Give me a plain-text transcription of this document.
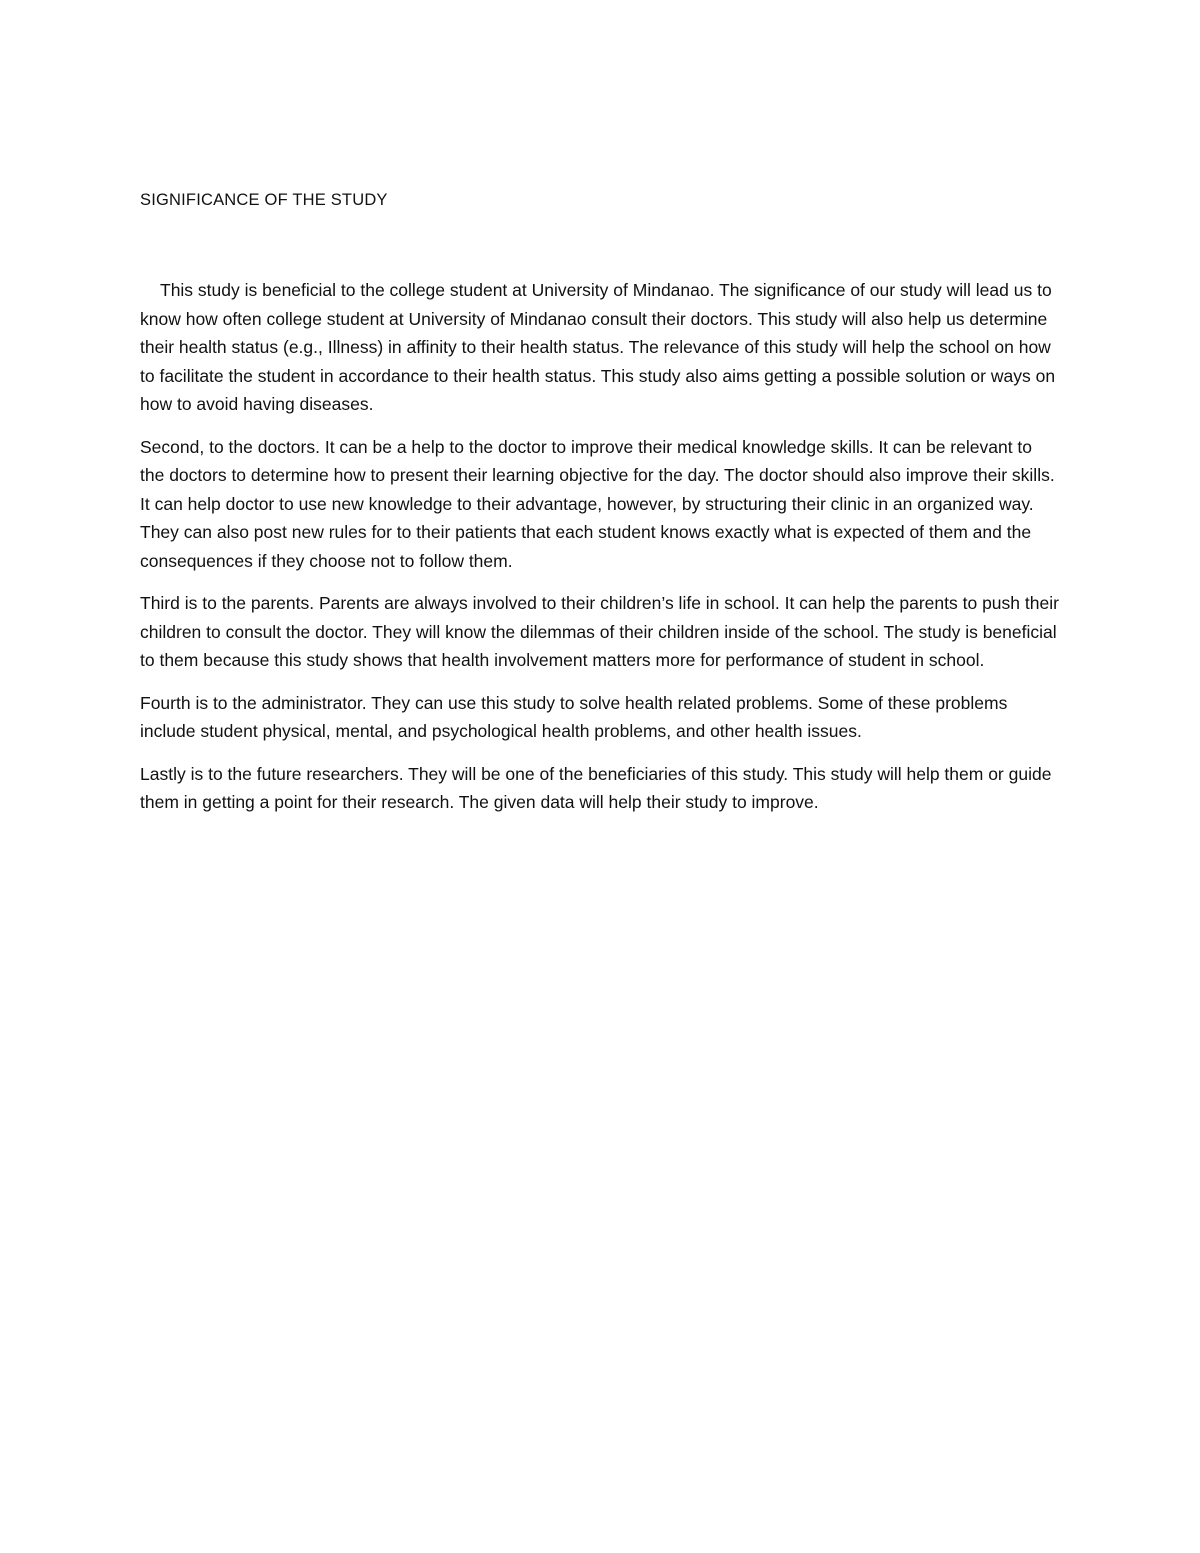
SIGNIFICANCE OF THE STUDY

This study is beneficial to the college student at University of Mindanao. The significance of our study will lead us to know how often college student at University of Mindanao consult their doctors. This study will also help us determine their health status (e.g., Illness) in affinity to their health status. The relevance of this study will help the school on how to facilitate the student in accordance to their health status. This study also aims getting a possible solution or ways on how to avoid having diseases.

Second, to the doctors. It can be a help to the doctor to improve their medical knowledge skills. It can be relevant to the doctors to determine how to present their learning objective for the day. The doctor should also improve their skills. It can help doctor to use new knowledge to their advantage, however, by structuring their clinic in an organized way. They can also post new rules for to their patients that each student knows exactly what is expected of them and the consequences if they choose not to follow them.

Third is to the parents. Parents are always involved to their children’s life in school. It can help the parents to push their children to consult the doctor. They will know the dilemmas of their children inside of the school. The study is beneficial to them because this study shows that health involvement matters more for performance of student in school.

Fourth is to the administrator. They can use this study to solve health related problems. Some of these problems include student physical, mental, and psychological health problems, and other health issues.

Lastly is to the future researchers. They will be one of the beneficiaries of this study. This study will help them or guide them in getting a point for their research. The given data will help their study to improve.
